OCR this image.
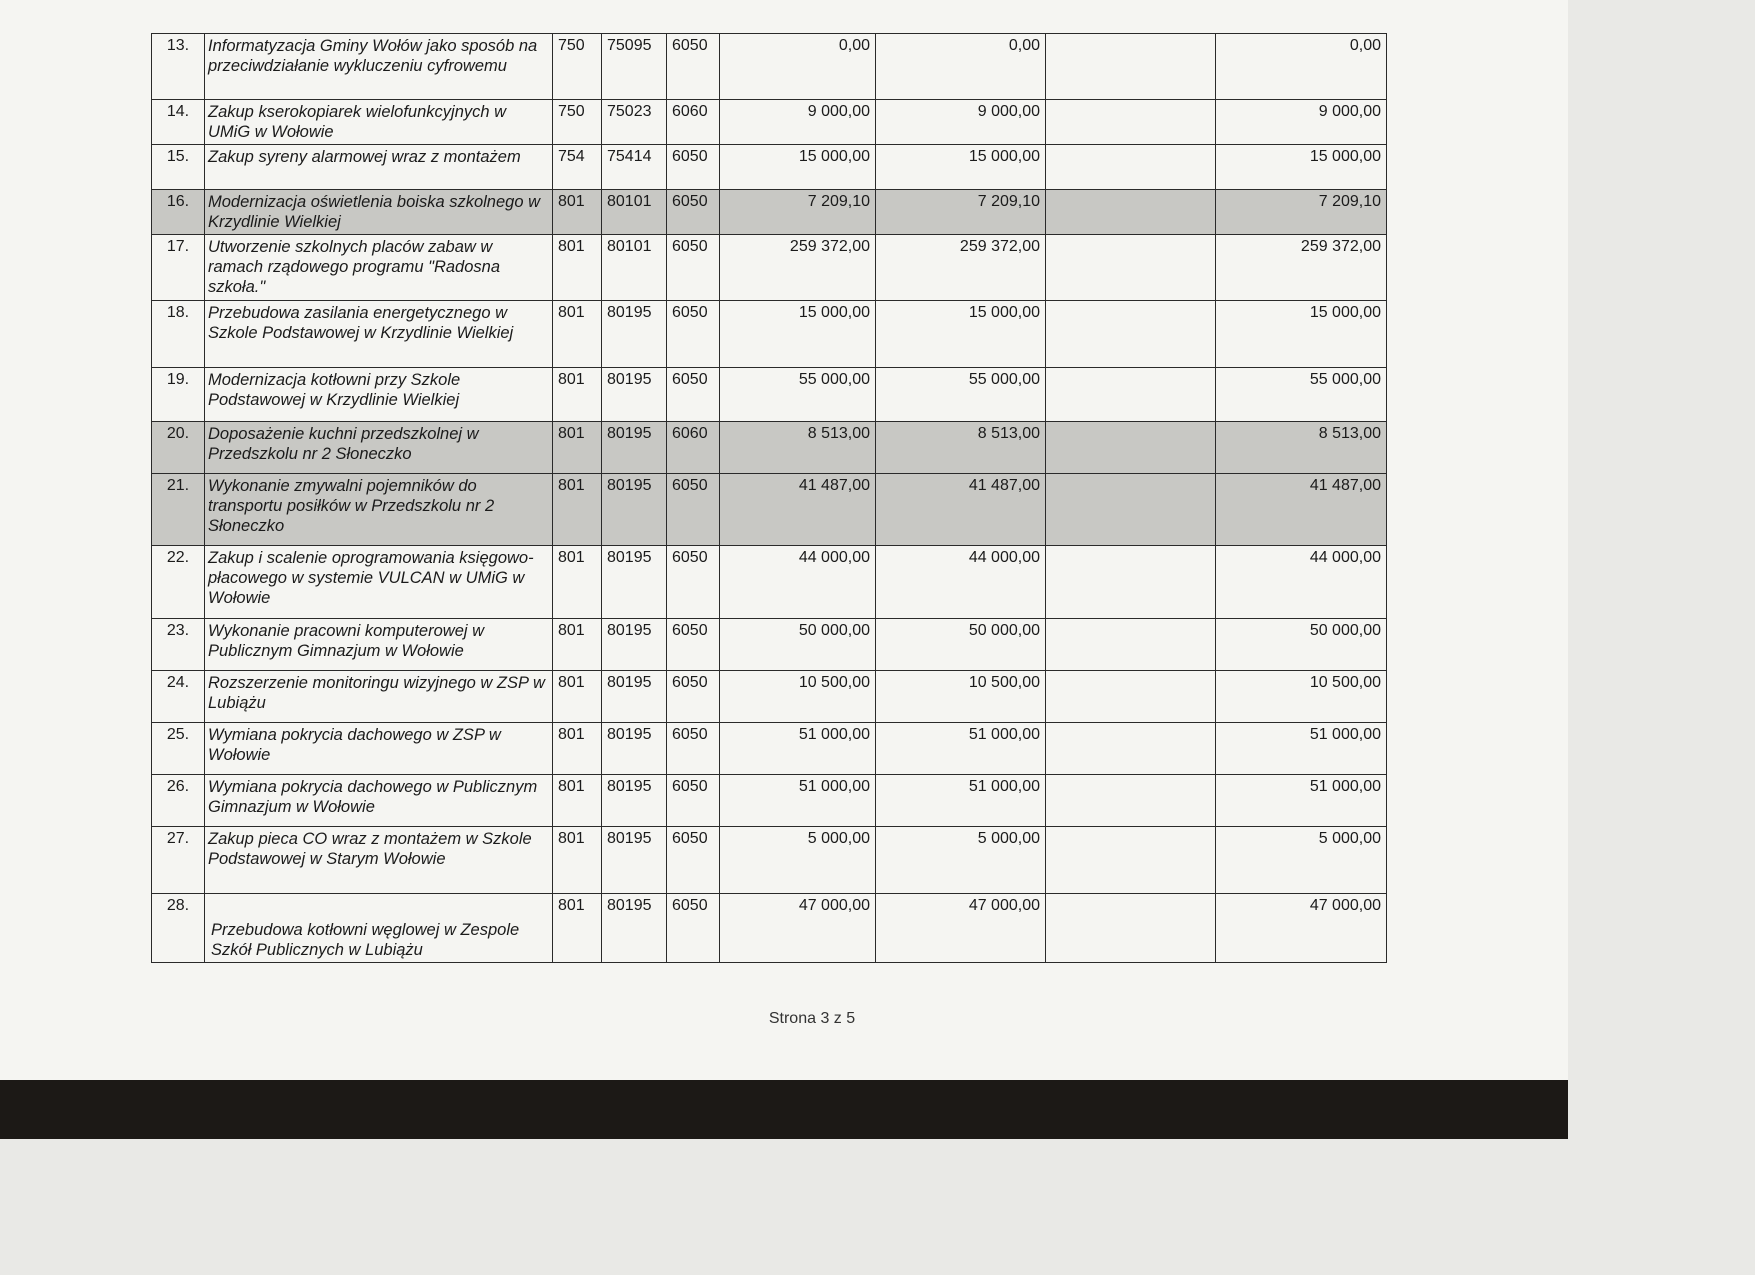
13.	Informatyzacja Gminy Wołów jako sposób na przeciwdziałanie wykluczeniu cyfrowemu	750	75095	6050	0,00	0,00		0,00
14.	Zakup kserokopiarek wielofunkcyjnych w UMiG w Wołowie	750	75023	6060	9 000,00	9 000,00		9 000,00
15.	Zakup syreny alarmowej wraz z montażem	754	75414	6050	15 000,00	15 000,00		15 000,00
16.	Modernizacja oświetlenia boiska szkolnego w Krzydlinie Wielkiej	801	80101	6050	7 209,10	7 209,10		7 209,10
17.	Utworzenie szkolnych placów zabaw w ramach rządowego programu "Radosna szkoła."	801	80101	6050	259 372,00	259 372,00		259 372,00
18.	Przebudowa zasilania energetycznego w Szkole Podstawowej w Krzydlinie Wielkiej	801	80195	6050	15 000,00	15 000,00		15 000,00
19.	Modernizacja kotłowni przy Szkole Podstawowej w Krzydlinie Wielkiej	801	80195	6050	55 000,00	55 000,00		55 000,00
20.	Doposażenie kuchni przedszkolnej w Przedszkolu nr 2 Słoneczko	801	80195	6060	8 513,00	8 513,00		8 513,00
21.	Wykonanie zmywalni pojemników do transportu posiłków w Przedszkolu nr 2 Słoneczko	801	80195	6050	41 487,00	41 487,00		41 487,00
22.	Zakup i scalenie oprogramowania księgowo- płacowego w systemie VULCAN w UMiG w Wołowie	801	80195	6050	44 000,00	44 000,00		44 000,00
23.	Wykonanie pracowni komputerowej w Publicznym Gimnazjum w Wołowie	801	80195	6050	50 000,00	50 000,00		50 000,00
24.	Rozszerzenie monitoringu wizyjnego w ZSP w Lubiążu	801	80195	6050	10 500,00	10 500,00		10 500,00
25.	Wymiana pokrycia dachowego w ZSP w Wołowie	801	80195	6050	51 000,00	51 000,00		51 000,00
26.	Wymiana pokrycia dachowego w Publicznym Gimnazjum w Wołowie	801	80195	6050	51 000,00	51 000,00		51 000,00
27.	Zakup pieca CO wraz z montażem w Szkole Podstawowej w Starym Wołowie	801	80195	6050	5 000,00	5 000,00		5 000,00
28.	Przebudowa kotłowni węglowej w Zespole Szkół Publicznych w Lubiążu	801	80195	6050	47 000,00	47 000,00		47 000,00
Strona 3 z 5
